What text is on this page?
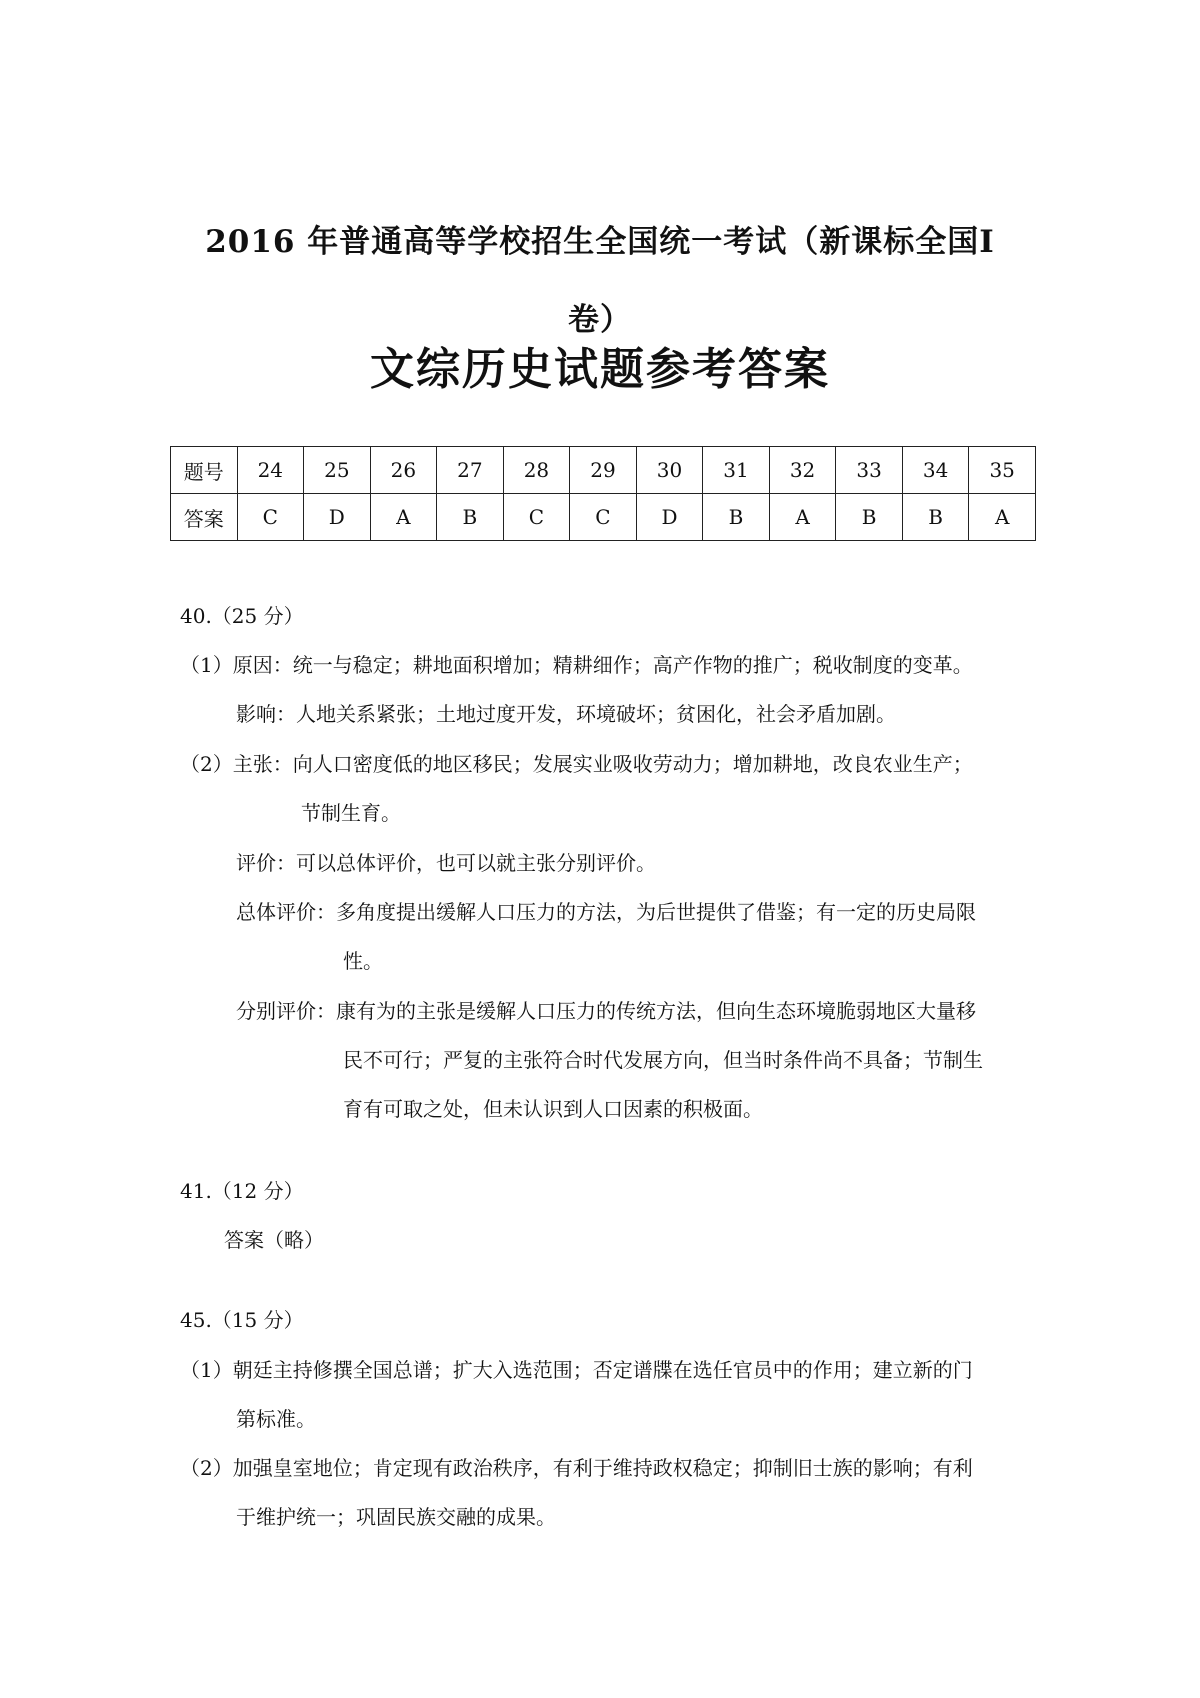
2016 年普通高等学校招生全国统一考试（新课标全国Ⅰ
卷）
文综历史试题参考答案
题号	24	25	26	27	28	29	30	31	32	33	34	35
答案	C	D	A	B	C	C	D	B	A	B	B	A
40.（25 分）
（1）原因：统一与稳定；耕地面积增加；精耕细作；高产作物的推广；税收制度的变革。
影响：人地关系紧张；土地过度开发，环境破坏；贫困化，社会矛盾加剧。
（2）主张：向人口密度低的地区移民；发展实业吸收劳动力；增加耕地，改良农业生产；
节制生育。
评价：可以总体评价，也可以就主张分别评价。
总体评价：多角度提出缓解人口压力的方法，为后世提供了借鉴；有一定的历史局限
性。
分别评价：康有为的主张是缓解人口压力的传统方法，但向生态环境脆弱地区大量移
民不可行；严复的主张符合时代发展方向，但当时条件尚不具备；节制生
育有可取之处，但未认识到人口因素的积极面。
41.（12 分）
答案（略）
45.（15 分）
（1）朝廷主持修撰全国总谱；扩大入选范围；否定谱牒在选任官员中的作用；建立新的门
第标准。
（2）加强皇室地位；肯定现有政治秩序，有利于维持政权稳定；抑制旧士族的影响；有利
于维护统一；巩固民族交融的成果。
